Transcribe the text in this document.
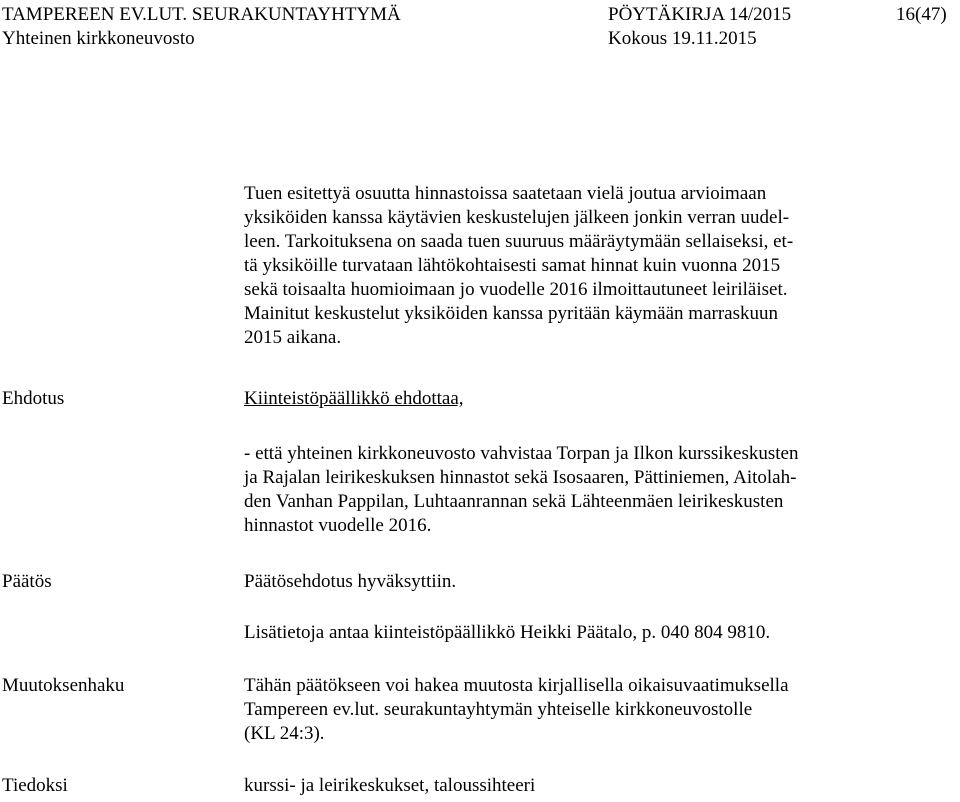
TAMPEREEN EV.LUT. SEURAKUNTAYHTYMÄ
Yhteinen kirkkoneuvosto
PÖYTÄKIRJA 14/2015
Kokous 19.11.2015
16(47)
Tuen esitettyä osuutta hinnastoissa saatetaan vielä joutua arvioimaan
yksiköiden kanssa käytävien keskustelujen jälkeen jonkin verran uudel-
leen. Tarkoituksena on saada tuen suuruus määräytymään sellaiseksi, et-
tä yksiköille turvataan lähtökohtaisesti samat hinnat kuin vuonna 2015
sekä toisaalta huomioimaan jo vuodelle 2016 ilmoittautuneet leiriläiset.
Mainitut keskustelut yksiköiden kanssa pyritään käymään marraskuun
2015 aikana.
Ehdotus	Kiinteistöpäällikkö ehdottaa,
- että yhteinen kirkkoneuvosto vahvistaa Torpan ja Ilkon kurssikeskusten
ja Rajalan leirikeskuksen hinnastot sekä Isosaaren, Pättiniemen, Aitolah-
den Vanhan Pappilan, Luhtaanrannan sekä Lähteenmäen leirikeskusten
hinnastot vuodelle 2016.
Päätös	Päätösehdotus hyväksyttiin.
Lisätietoja antaa kiinteistöpäällikkö Heikki Päätalo, p. 040 804 9810.
Muutoksenhaku	Tähän päätökseen voi hakea muutosta kirjallisella oikaisuvaatimuksella
Tampereen ev.lut. seurakuntayhtymän yhteiselle kirkkoneuvostolle
(KL 24:3).
Tiedoksi	kurssi- ja leirikeskukset, taloussihteeri
